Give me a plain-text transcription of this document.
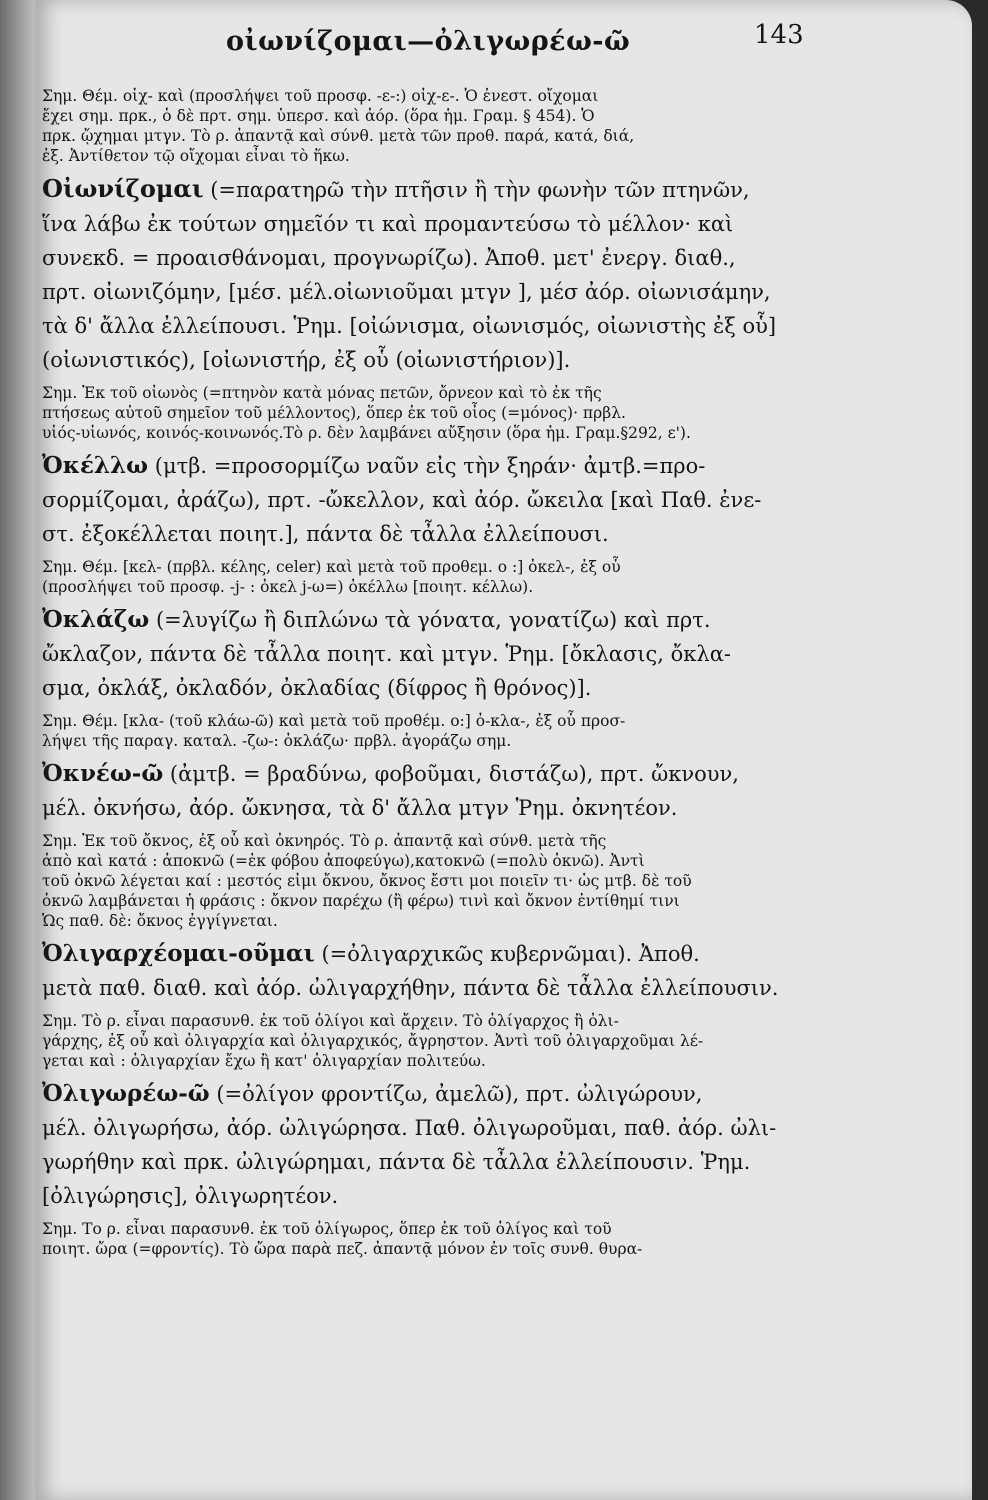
οἰωνίζομαι—ὀλιγωρέω-ῶ	143

Σημ. Θέμ. οἰχ- καὶ (προσλήψει τοῦ προσφ. -ε-:) οἰχ-ε-. Ὁ ἐνεστ. οἴχομαι
ἔχει σημ. πρκ., ὁ δὲ πρτ. σημ. ὑπερσ. καὶ ἀόρ. (ὅρα ἡμ. Γραμ. § 454). Ὁ
πρκ. ᾤχημαι μτγν. Τὸ ρ. ἀπαντᾷ καὶ σύνθ. μετὰ τῶν προθ. παρά, κατά, διά,
ἐξ. Ἀντίθετον τῷ οἴχομαι εἶναι τὸ ἥκω.

Οἰωνίζομαι (=παρατηρῶ τὴν πτῆσιν ἢ τὴν φωνὴν τῶν πτηνῶν,
ἵνα λάβω ἐκ τούτων σημεῖόν τι καὶ προμαντεύσω τὸ μέλλον· καὶ
συνεκδ. = προαισθάνομαι, προγνωρίζω). Ἀποθ. μετ' ἐνεργ. διαθ.,
πρτ. οἰωνιζόμην, [μέσ. μέλ.οἰωνιοῦμαι μτγν ], μέσ ἀόρ. οἰωνισάμην,
τὰ δ' ἄλλα ἐλλείπουσι. Ῥημ. [οἰώνισμα, οἰωνισμός, οἰωνιστὴς ἐξ οὗ]
(οἰωνιστικός), [οἰωνιστήρ, ἐξ οὗ (οἰωνιστήριον)].

Σημ. Ἐκ τοῦ οἰωνὸς (=πτηνὸν κατὰ μόνας πετῶν, ὄρνεον καὶ τὸ ἐκ τῆς
πτήσεως αὐτοῦ σημεῖον τοῦ μέλλοντος), ὅπερ ἐκ τοῦ οἶος (=μόνος)· πρβλ.
υἱός-υἱωνός, κοινός-κοινωνός.Τὸ ρ. δὲν λαμβάνει αὔξησιν (ὅρα ἡμ. Γραμ.§292, ε').

Ὀκέλλω (μτβ. =προσορμίζω ναῦν εἰς τὴν ξηράν· ἀμτβ.=προ-
σορμίζομαι, ἀράζω), πρτ. -ὤκελλον, καὶ ἀόρ. ὤκειλα [καὶ Παθ. ἐνε-
στ. ἐξοκέλλεται ποιητ.], πάντα δὲ τἆλλα ἐλλείπουσι.

Σημ. Θέμ. [κελ- (πρβλ. κέλης, celer) καὶ μετὰ τοῦ προθεμ. ο :] ὀκελ-, ἐξ οὗ
(προσλήψει τοῦ προσφ. -j- : ὀκελ j-ω=) ὀκέλλω [ποιητ. κέλλω).

Ὀκλάζω (=λυγίζω ἢ διπλώνω τὰ γόνατα, γονατίζω) καὶ πρτ.
ὤκλαζον, πάντα δὲ τἆλλα ποιητ. καὶ μτγν. Ῥημ. [ὄκλασις, ὄκλα-
σμα, ὀκλάξ, ὀκλαδόν, ὀκλαδίας (δίφρος ἢ θρόνος)].

Σημ. Θέμ. [κλα- (τοῦ κλάω-ῶ) καὶ μετὰ τοῦ προθέμ. ο:] ὀ-κλα-, ἐξ οὗ προσ-
λήψει τῆς παραγ. καταλ. -ζω-: ὀκλάζω· πρβλ. ἀγοράζω σημ.

Ὀκνέω-ῶ (ἀμτβ. = βραδύνω, φοβοῦμαι, διστάζω), πρτ. ὤκνουν,
μέλ. ὀκνήσω, ἀόρ. ὤκνησα, τὰ δ' ἄλλα μτγν Ῥημ. ὀκνητέον.

Σημ. Ἐκ τοῦ ὄκνος, ἐξ οὗ καὶ ὀκνηρός. Τὸ ρ. ἀπαντᾷ καὶ σύνθ. μετὰ τῆς
ἀπὸ καὶ κατά : ἀποκνῶ (=ἐκ φόβου ἀποφεύγω),κατοκνῶ (=πολὺ ὀκνῶ). Ἀντὶ
τοῦ ὀκνῶ λέγεται καί : μεστός εἰμι ὄκνου, ὄκνος ἔστι μοι ποιεῖν τι· ὡς μτβ. δὲ τοῦ
ὀκνῶ λαμβάνεται ἡ φράσις : ὄκνον παρέχω (ἢ φέρω) τινὶ καὶ ὄκνον ἐντίθημί τινι
Ὡς παθ. δὲ: ὄκνος ἐγγίγνεται.

Ὀλιγαρχέομαι-οῦμαι (=ὀλιγαρχικῶς κυβερνῶμαι). Ἀποθ.
μετὰ παθ. διαθ. καὶ ἀόρ. ὠλιγαρχήθην, πάντα δὲ τἆλλα ἐλλείπουσιν.

Σημ. Τὸ ρ. εἶναι παρασυνθ. ἐκ τοῦ ὀλίγοι καὶ ἄρχειν. Τὸ ὀλίγαρχος ἢ ὀλι-
γάρχης, ἐξ οὗ καὶ ὀλιγαρχία καὶ ὀλιγαρχικός, ἄγρηστον. Ἀντὶ τοῦ ὀλιγαρχοῦμαι λέ-
γεται καὶ : ὀλιγαρχίαν ἔχω ἢ κατ' ὀλιγαρχίαν πολιτεύω.

Ὀλιγωρέω-ῶ (=ὀλίγον φροντίζω, ἀμελῶ), πρτ. ὠλιγώρουν,
μέλ. ὀλιγωρήσω, ἀόρ. ὠλιγώρησα. Παθ. ὀλιγωροῦμαι, παθ. ἀόρ. ὠλι-
γωρήθην καὶ πρκ. ὠλιγώρημαι, πάντα δὲ τἆλλα ἐλλείπουσιν. Ῥημ.
[ὀλιγώρησις], ὀλιγωρητέον.

Σημ. Το ρ. εἶναι παρασυνθ. ἐκ τοῦ ὀλίγωρος, ὅπερ ἐκ τοῦ ὀλίγος καὶ τοῦ
ποιητ. ὤρα (=φροντίς). Τὸ ὤρα παρὰ πεζ. ἀπαντᾷ μόνον ἐν τοῖς συνθ. θυρα-
